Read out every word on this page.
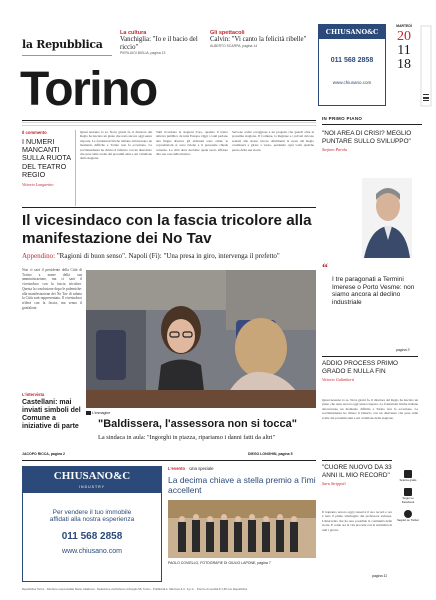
la Repubblica
La cultura
Vanchiglia: "Io e il bacio del riccio"
PIERLUIGI BIGLIA, pagina 13
Gli spettacoli
Calvin: "Vi canto la felicità ribelle"
ALBERTO SCARPA, pagina 14
Torino
CHIUSANO&C
011 568 2858
www.chiusano.com
MARTEDÌ
20
11
18
IN PRIMO PIANO
Il commento
I NUMERI MANCANTI SULLA RUOTA DEL TEATRO REGIO
Vittorio Longarino
Quasi nessuno lo sa. Nove giorni fa, il direttore del Regio ha lasciato un piano che resta ancora oggi senza risposta. Le fondazioni liriche italiane attraversano un momento difficile e Torino non fa eccezione. La sovrintendenza ha chiuso il bilancio con un disavanzo che pesa sulle scelte dei prossimi anni e sul cartellone della stagione.
Tutti ricordano le stagioni d'oro, quando il teatro attirava pubblico da tutta Europa. Oggi i conti parlano una lingua diversa: gli abbonati sono calati, le coproduzioni si sono ridotte e il personale chiede certezze. La città deve decidere quale ruolo affidare alla sua casa della musica.
Servono scelte coraggiose e un progetto che guardi oltre la prossima stagione. Il Comune, la Regione e i privati devono sedersi allo stesso tavolo. Altrimenti la ruota del Regio continuerà a girare a vuoto, perdendo ogni volta qualche pezzo della sua storia.
Il vicesindaco con la fascia tricolore alla manifestazione dei No Tav
Appendino: "Ragioni di buon senso". Napoli (Fi): "Una presa in giro, intervenga il prefetto"
Non ci sarà il presidente della Città di Torino a nome della sua amministrazione, ma ci sarà il vicesindaco con la fascia tricolore. Questa la conclusione dopo le polemiche: alla manifestazione dei No Tav di sabato la Città sarà rappresentata. Il vicesindaco sfilerà con la fascia, ma senza il gonfalone.
L'intervista
Castellani: mai inviati simboli del Comune a iniziative di parte
JACOPO RICCA, pagina 2
L'immagine
"Baldissera, l'assessora non si tocca"
La sindaca in aula: "Ingorghi in piazza, ripariamo i danni fatti da altri"
DIEGO LONGHIN, pagina 5
"NOI AREA DI CRISI? MEGLIO PUNTARE SULLO SVILUPPO"
Stefano Parola
“
I tre paragonati a Termini Imerese o Porto Vesme: non siamo ancora al declino industriale
pagina 3
ADDIO PROCESS PRIMO GRADO E NULLA FIN
Vittorio Galimberti
Quasi nessuno lo sa. Nove giorni fa, il direttore del Regio ha lasciato un piano che resta ancora oggi senza risposta. Le fondazioni liriche italiane attraversano un momento difficile e Torino non fa eccezione. La sovrintendenza ha chiuso il bilancio con un disavanzo che pesa sulle scelte dei prossimi anni e sul cartellone della stagione.
"CUORE NUOVO DA 33 ANNI IL MIO RECORD"
Sara Strippoli
Il trapianto ancora oggi conserva il suo record e ora è nato il primo tabeltoglio del professore torinese. L'intervento che ha reso possibile la continuità della storia. E come ora la vita procede con la normalità di tutti i giorni.
pagina 11
Scarica gratis
Segui su Facebook
Seguici su Twitter
CHIUSANO&C
INDUSTRY
Per vendere il tuo immobile
affidati alla nostra esperienza
011 568 2858
www.chiusano.com
L'evento Una speciale
La decima chiave a stella premio a l'imi accellent
PAOLO COVIELLO, FOTOGRAFIE DI GIULIO LAPONE, pagina 7
Repubblica Torino · Direttore responsabile Mario Calabresi · Redazione via Roberto d'Azeglio 58, Torino · Pubblicità A. Manzoni & C. S.p.A. · Prezzo di vendita € 1,50 con Repubblica
